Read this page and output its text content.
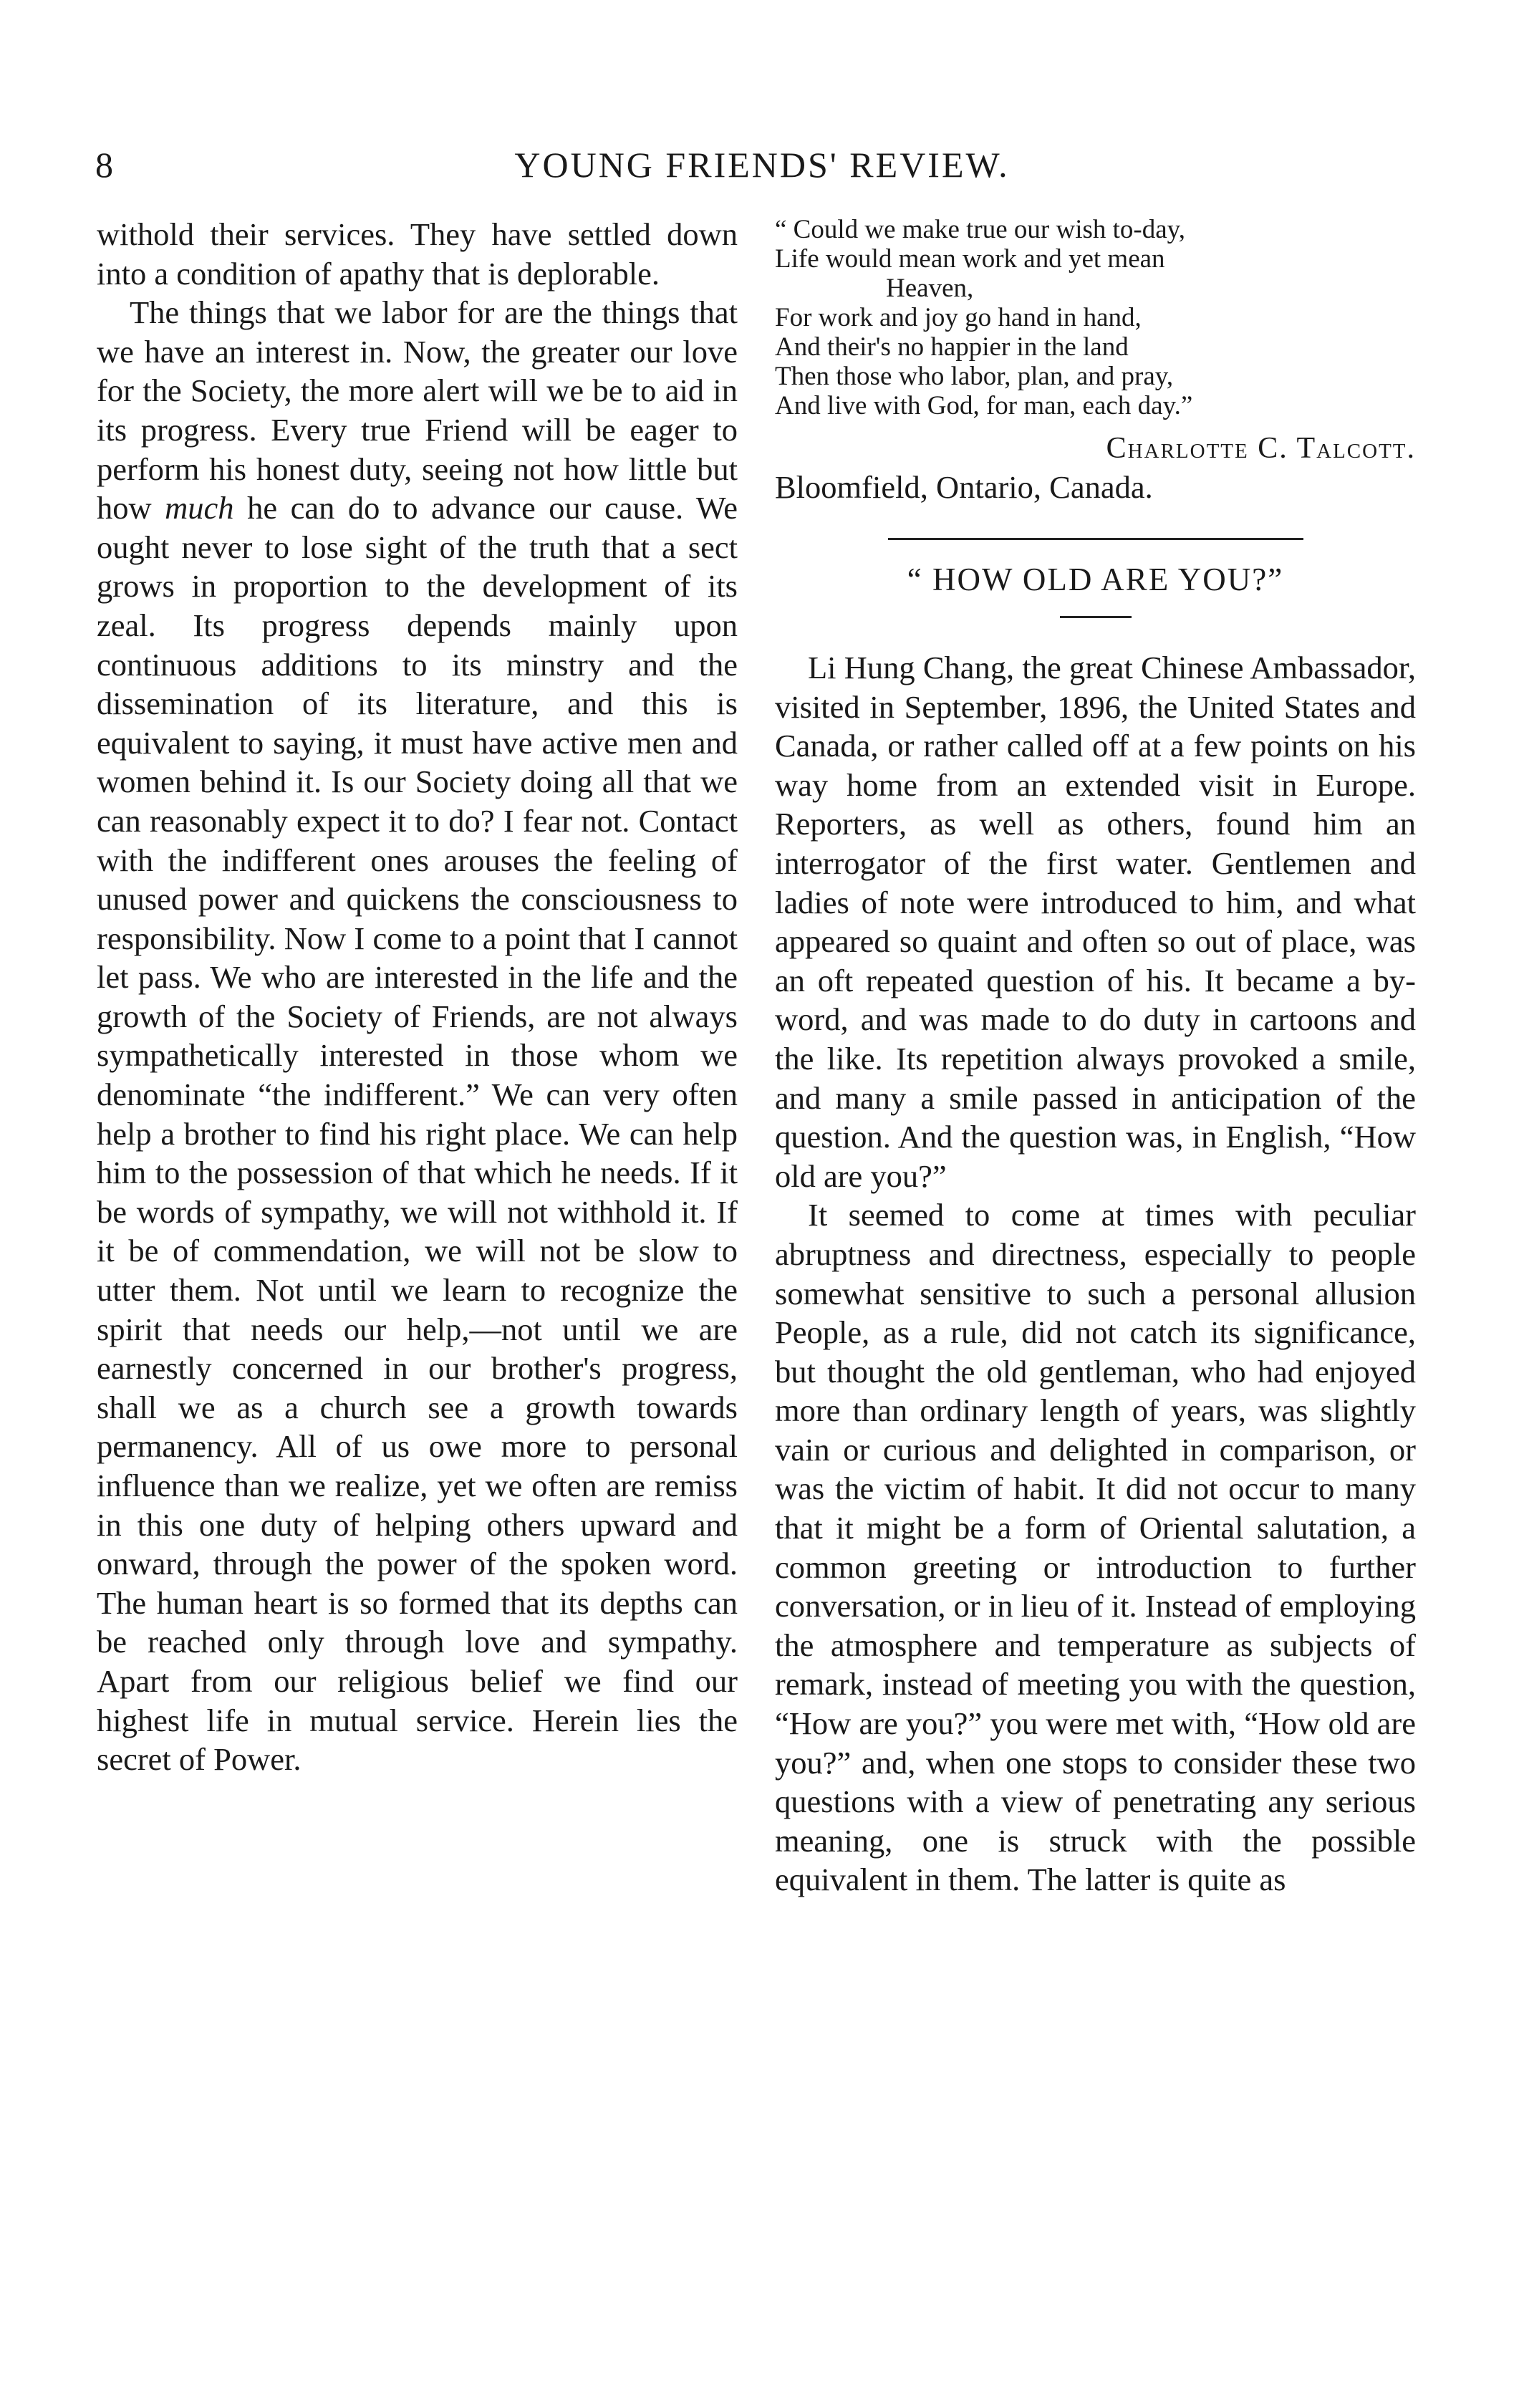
8	YOUNG FRIENDS' REVIEW.

withold their services. They have settled down into a condition of apathy that is deplorable.

The things that we labor for are the things that we have an interest in. Now, the greater our love for the Society, the more alert will we be to aid in its progress. Every true Friend will be eager to perform his honest duty, seeing not how little but how much he can do to advance our cause. We ought never to lose sight of the truth that a sect grows in proportion to the development of its zeal. Its progress depends mainly upon continuous additions to its minstry and the dissemination of its literature, and this is equivalent to saying, it must have active men and women behind it. Is our Society doing all that we can reasonably expect it to do? I fear not. Contact with the indifferent ones arouses the feeling of unused power and quickens the consciousness to responsibility. Now I come to a point that I cannot let pass. We who are interested in the life and the growth of the Society of Friends, are not always sympathetically interested in those whom we denominate “the indifferent.” We can very often help a brother to find his right place. We can help him to the possession of that which he needs. If it be words of sympathy, we will not withhold it. If it be of commendation, we will not be slow to utter them. Not until we learn to recognize the spirit that needs our help,—not until we are earnestly concerned in our brother's progress, shall we as a church see a growth towards permanency. All of us owe more to personal influence than we realize, yet we often are remiss in this one duty of helping others upward and onward, through the power of the spoken word. The human heart is so formed that its depths can be reached only through love and sympathy. Apart from our religious belief we find our highest life in mutual service. Herein lies the secret of Power.

“ Could we make true our wish to-day,
Life would mean work and yet mean
Heaven,
For work and joy go hand in hand,
And their's no happier in the land
Then those who labor, plan, and pray,
And live with God, for man, each day.”

Charlotte C. Talcott.

Bloomfield, Ontario, Canada.

“ HOW OLD ARE YOU?”

Li Hung Chang, the great Chinese Ambassador, visited in September, 1896, the United States and Canada, or rather called off at a few points on his way home from an extended visit in Europe. Reporters, as well as others, found him an interrogator of the first water. Gentlemen and ladies of note were introduced to him, and what appeared so quaint and often so out of place, was an oft repeated question of his. It became a by-word, and was made to do duty in cartoons and the like. Its repetition always provoked a smile, and many a smile passed in anticipation of the question. And the question was, in English, “How old are you?”

It seemed to come at times with peculiar abruptness and directness, especially to people somewhat sensitive to such a personal allusion People, as a rule, did not catch its significance, but thought the old gentleman, who had enjoyed more than ordinary length of years, was slightly vain or curious and delighted in comparison, or was the victim of habit. It did not occur to many that it might be a form of Oriental salutation, a common greeting or introduction to further conversation, or in lieu of it. Instead of employing the atmosphere and temperature as subjects of remark, instead of meeting you with the question, “How are you?” you were met with, “How old are you?” and, when one stops to consider these two questions with a view of penetrating any serious meaning, one is struck with the possible equivalent in them. The latter is quite as
